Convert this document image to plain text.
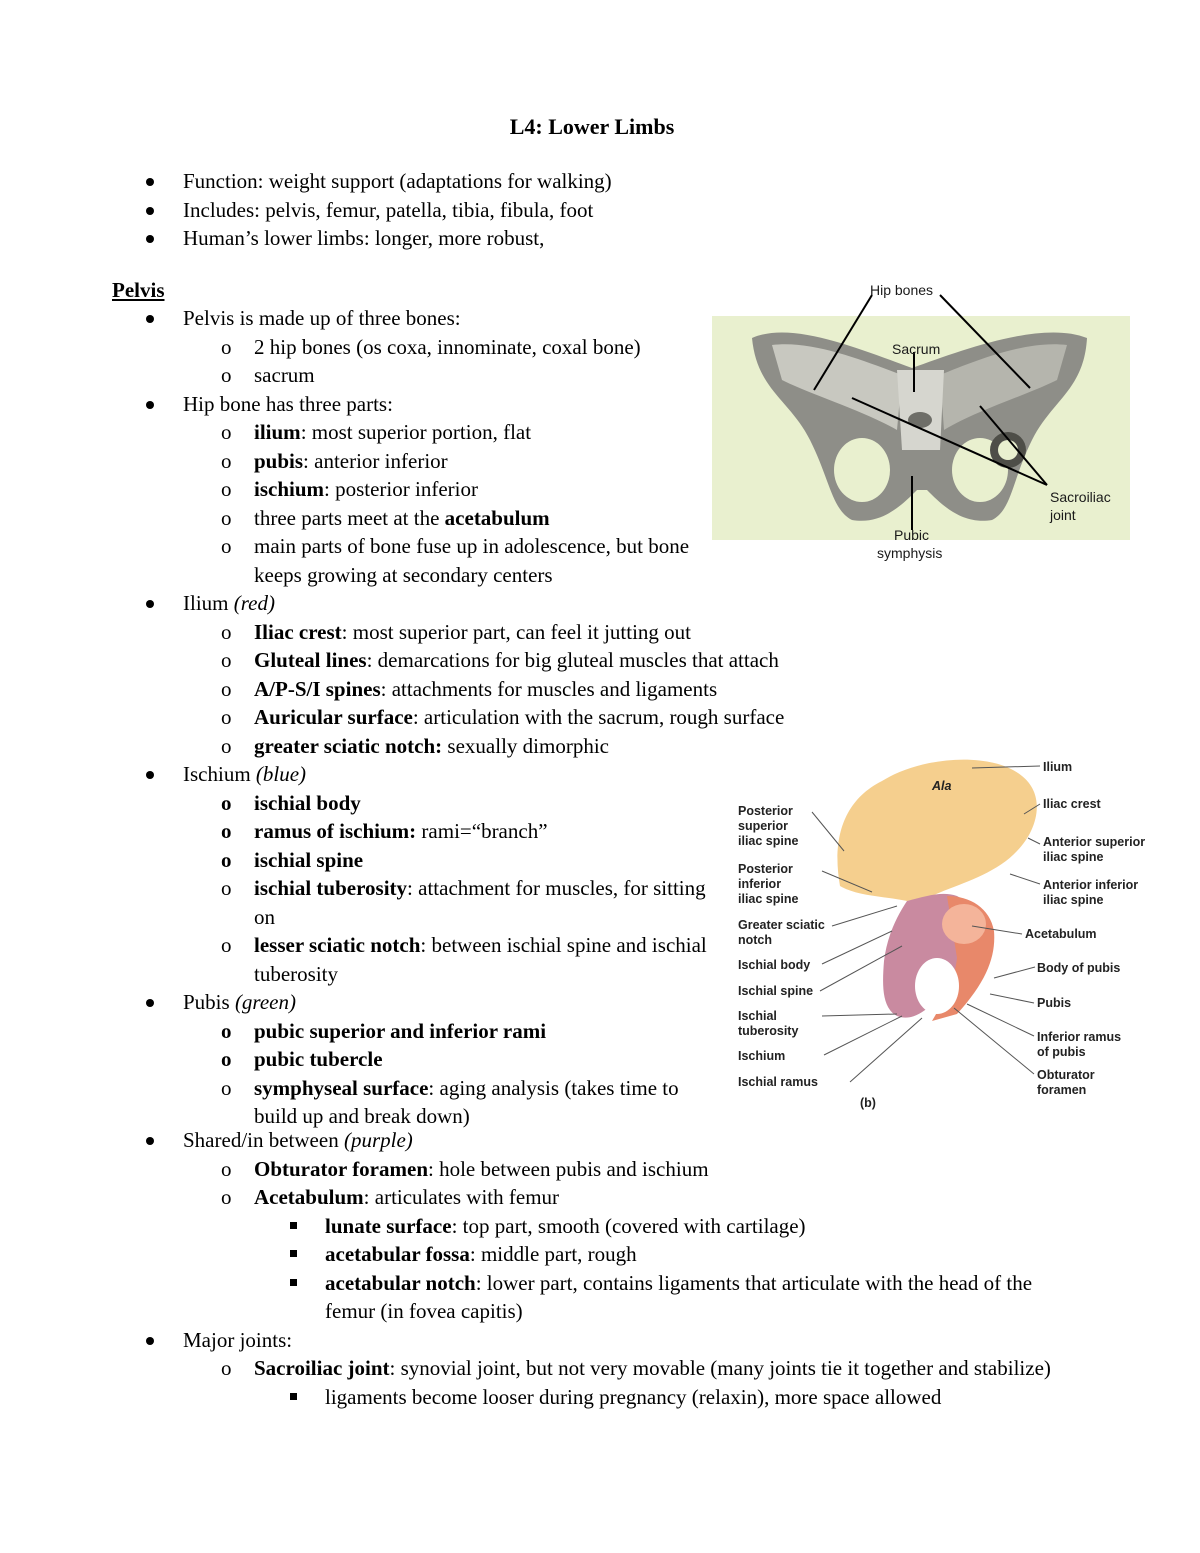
L4: Lower Limbs
Function: weight support (adaptations for walking)
Includes: pelvis, femur, patella, tibia, fibula, foot
Human’s lower limbs: longer, more robust,
Pelvis
Pelvis is made up of three bones:
o 2 hip bones (os coxa, innominate, coxal bone)
o sacrum
Hip bone has three parts:
o ilium: most superior portion, flat
o pubis: anterior inferior
o ischium: posterior inferior
o three parts meet at the acetabulum
o main parts of bone fuse up in adolescence, but bone keeps growing at secondary centers
Ilium (red)
o Iliac crest: most superior part, can feel it jutting out
o Gluteal lines: demarcations for big gluteal muscles that attach
o A/P-S/I spines: attachments for muscles and ligaments
o Auricular surface: articulation with the sacrum, rough surface
o greater sciatic notch: sexually dimorphic
Ischium (blue)
o ischial body
o ramus of ischium: rami=“branch”
o ischial spine
o ischial tuberosity: attachment for muscles, for sitting on
o lesser sciatic notch: between ischial spine and ischial tuberosity
Pubis (green)
o pubic superior and inferior rami
o pubic tubercle
o symphyseal surface: aging analysis (takes time to build up and break down)
Shared/in between (purple)
o Obturator foramen: hole between pubis and ischium
o Acetabulum: articulates with femur
lunate surface: top part, smooth (covered with cartilage)
acetabular fossa: middle part, rough
acetabular notch: lower part, contains ligaments that articulate with the head of the femur (in fovea capitis)
Major joints:
o Sacroiliac joint: synovial joint, but not very movable (many joints tie it together and stabilize)
ligaments become looser during pregnancy (relaxin), more space allowed
Hip bones
Sacrum
Sacroiliac
joint
Pubic
symphysis
Ala
Posterior
superior
iliac spine
Posterior
inferior
iliac spine
Greater sciatic
notch
Ischial body
Ischial spine
Ischial
tuberosity
Ischium
Ischial ramus
(b)
Ilium
Iliac crest
Anterior superior
iliac spine
Anterior inferior
iliac spine
Acetabulum
Body of pubis
Pubis
Inferior ramus
of pubis
Obturator
foramen
